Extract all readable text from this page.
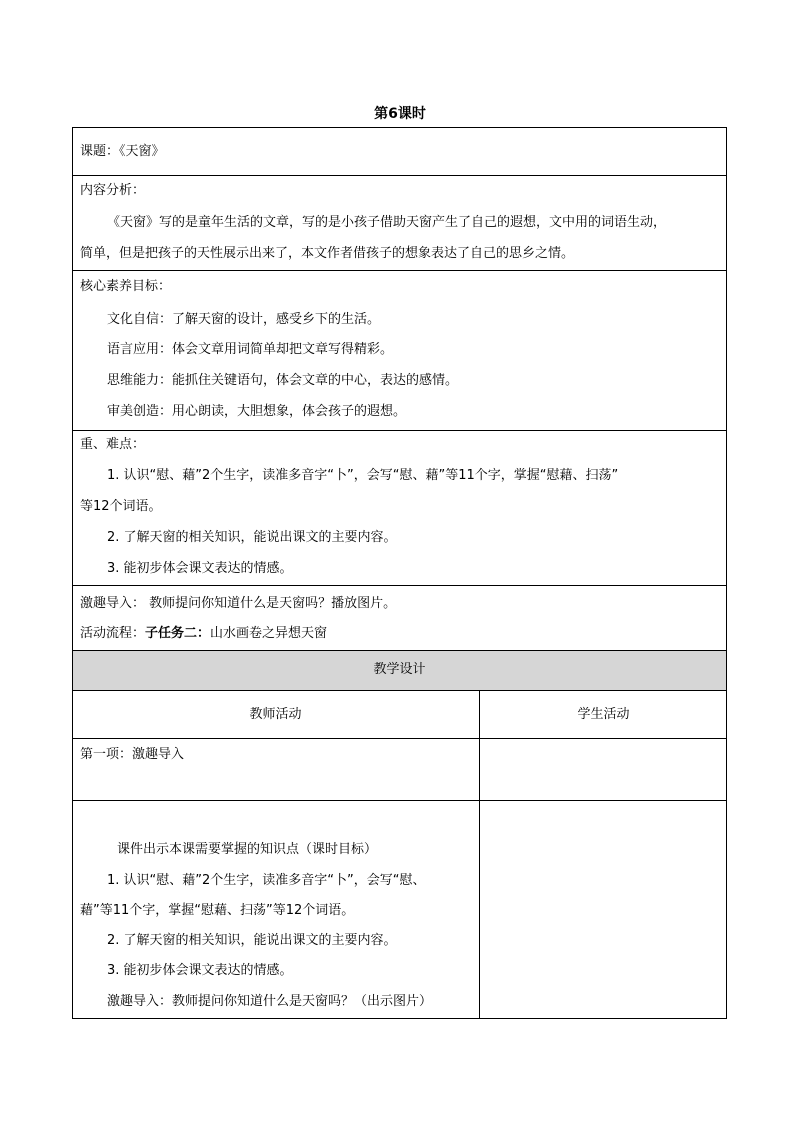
第6课时
课题：《天窗》
内容分析：
《天窗》写的是童年生活的文章，写的是小孩子借助天窗产生了自己的遐想，文中用的词语生动，
简单，但是把孩子的天性展示出来了，本文作者借孩子的想象表达了自己的思乡之情。
核心素养目标：
文化自信：了解天窗的设计，感受乡下的生活。
语言应用：体会文章用词简单却把文章写得精彩。
思维能力：能抓住关键语句，体会文章的中心，表达的感情。
审美创造：用心朗读，大胆想象，体会孩子的遐想。
重、难点：
1. 认识“慰、藉”2个生字，读准多音字“卜”，会写“慰、藉”等11个字，掌握“慰藉、扫荡”
等12个词语。
2. 了解天窗的相关知识，能说出课文的主要内容。
3. 能初步体会课文表达的情感。
激趣导入： 教师提问你知道什么是天窗吗？播放图片。
活动流程：子任务二：山水画卷之异想天窗
教学设计
教师活动	学生活动
第一项：激趣导入
课件出示本课需要掌握的知识点（课时目标）
1. 认识“慰、藉”2个生字，读准多音字“卜”，会写“慰、
藉”等11个字，掌握“慰藉、扫荡”等12个词语。
2. 了解天窗的相关知识，能说出课文的主要内容。
3. 能初步体会课文表达的情感。
激趣导入：教师提问你知道什么是天窗吗？（出示图片）
